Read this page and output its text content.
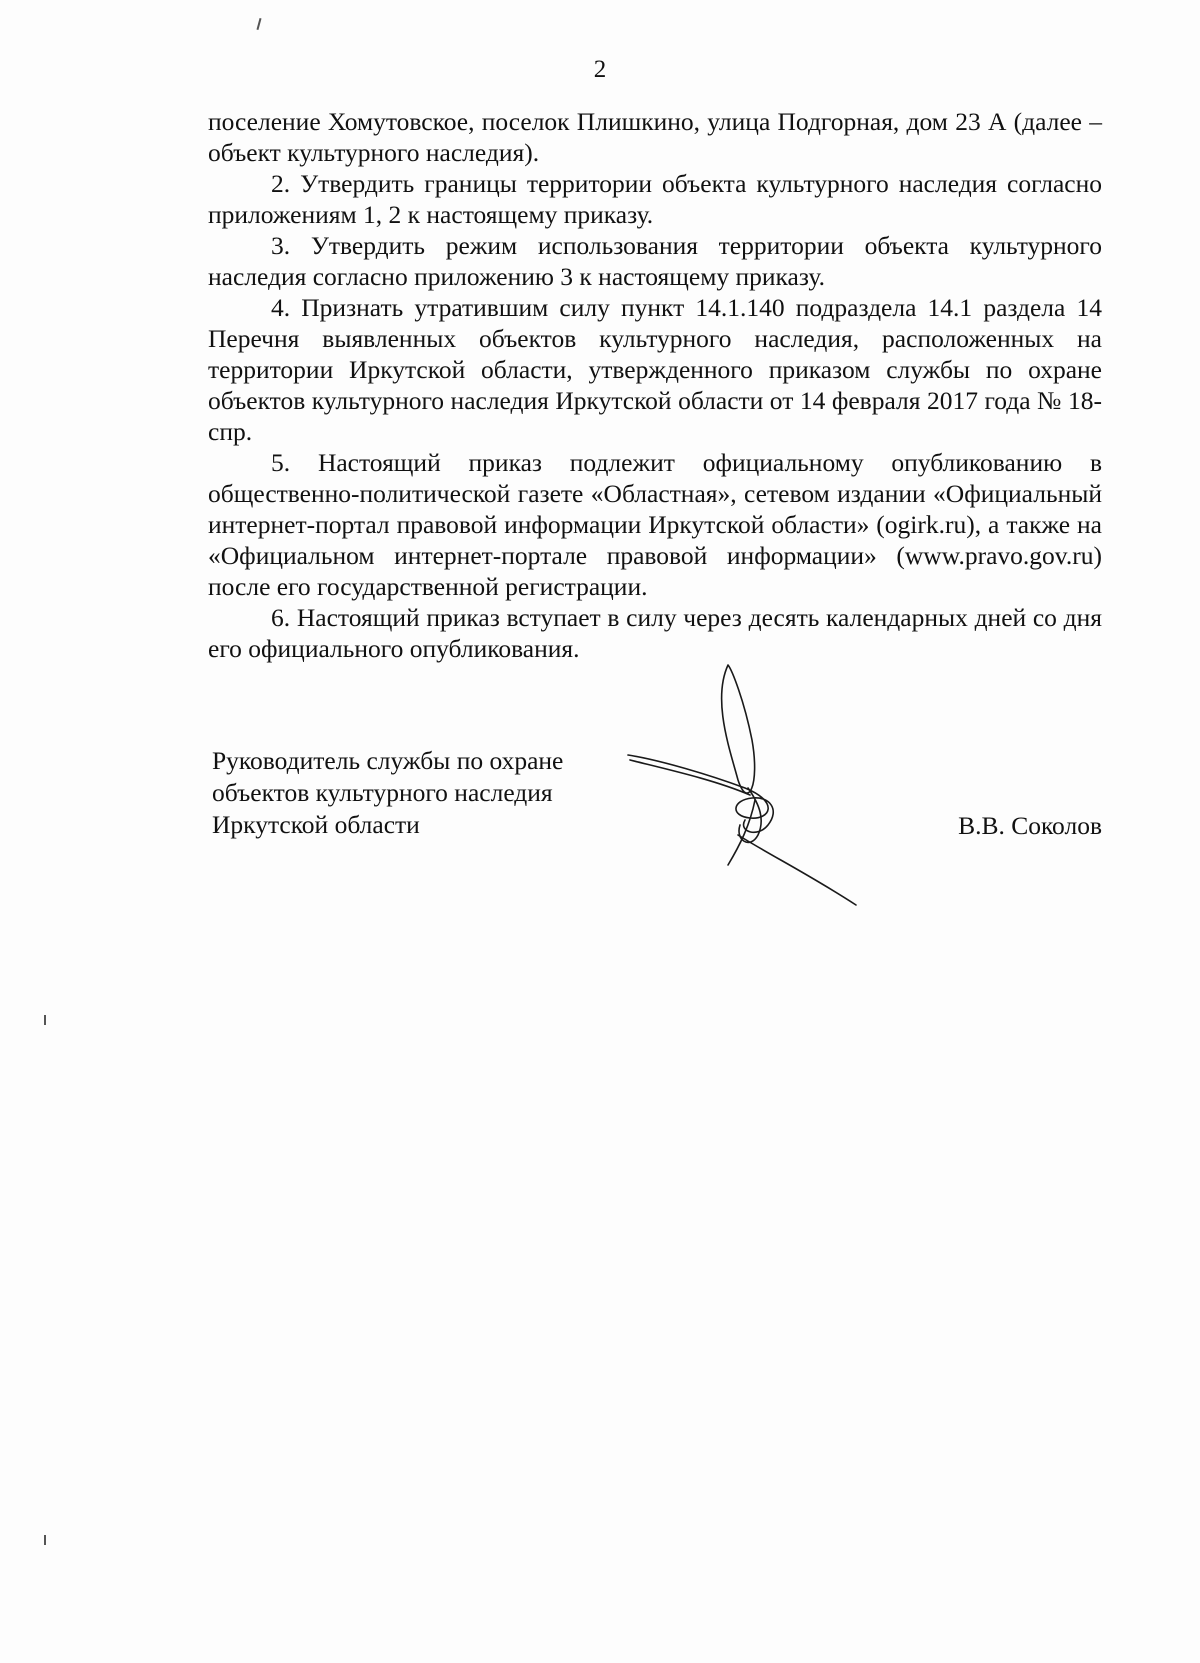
2

поселение Хомутовское, поселок Плишкино, улица Подгорная, дом 23 А (далее – объект культурного наследия).

2. Утвердить границы территории объекта культурного наследия согласно приложениям 1, 2 к настоящему приказу.

3. Утвердить режим использования территории объекта культурного наследия согласно приложению 3 к настоящему приказу.

4. Признать утратившим силу пункт 14.1.140 подраздела 14.1 раздела 14 Перечня выявленных объектов культурного наследия, расположенных на территории Иркутской области, утвержденного приказом службы по охране объектов культурного наследия Иркутской области от 14 февраля 2017 года № 18-спр.

5. Настоящий приказ подлежит официальному опубликованию в общественно-политической газете «Областная», сетевом издании «Официальный интернет-портал правовой информации Иркутской области» (ogirk.ru), а также на «Официальном интернет-портале правовой информации» (www.pravo.gov.ru) после его государственной регистрации.

6. Настоящий приказ вступает в силу через десять календарных дней со дня его официального опубликования.

Руководитель службы по охране
объектов культурного наследия
Иркутской области	В.В. Соколов
